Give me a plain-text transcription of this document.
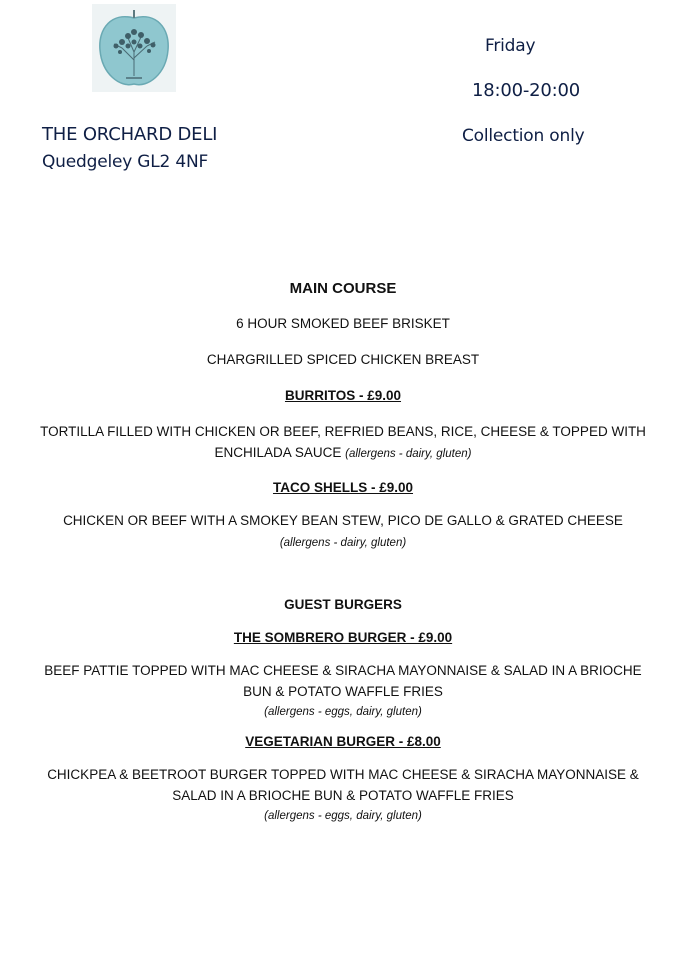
THE ORCHARD DELI
Quedgeley GL2 4NF
Friday
18:00-20:00
Collection only
MAIN COURSE
6 HOUR SMOKED BEEF BRISKET
CHARGRILLED SPICED CHICKEN BREAST
BURRITOS - £9.00
TORTILLA FILLED WITH CHICKEN OR BEEF, REFRIED BEANS, RICE, CHEESE & TOPPED WITH ENCHILADA SAUCE (allergens - dairy, gluten)
TACO SHELLS - £9.00
CHICKEN OR BEEF WITH A SMOKEY BEAN STEW, PICO DE GALLO & GRATED CHEESE (allergens - dairy, gluten)
GUEST BURGERS
THE SOMBRERO BURGER - £9.00
BEEF PATTIE TOPPED WITH MAC CHEESE & SIRACHA MAYONNAISE & SALAD IN A BRIOCHE BUN & POTATO WAFFLE FRIES
(allergens - eggs, dairy, gluten)
VEGETARIAN BURGER - £8.00
CHICKPEA & BEETROOT BURGER TOPPED WITH MAC CHEESE & SIRACHA MAYONNAISE & SALAD IN A BRIOCHE BUN & POTATO WAFFLE FRIES
(allergens - eggs, dairy, gluten)
